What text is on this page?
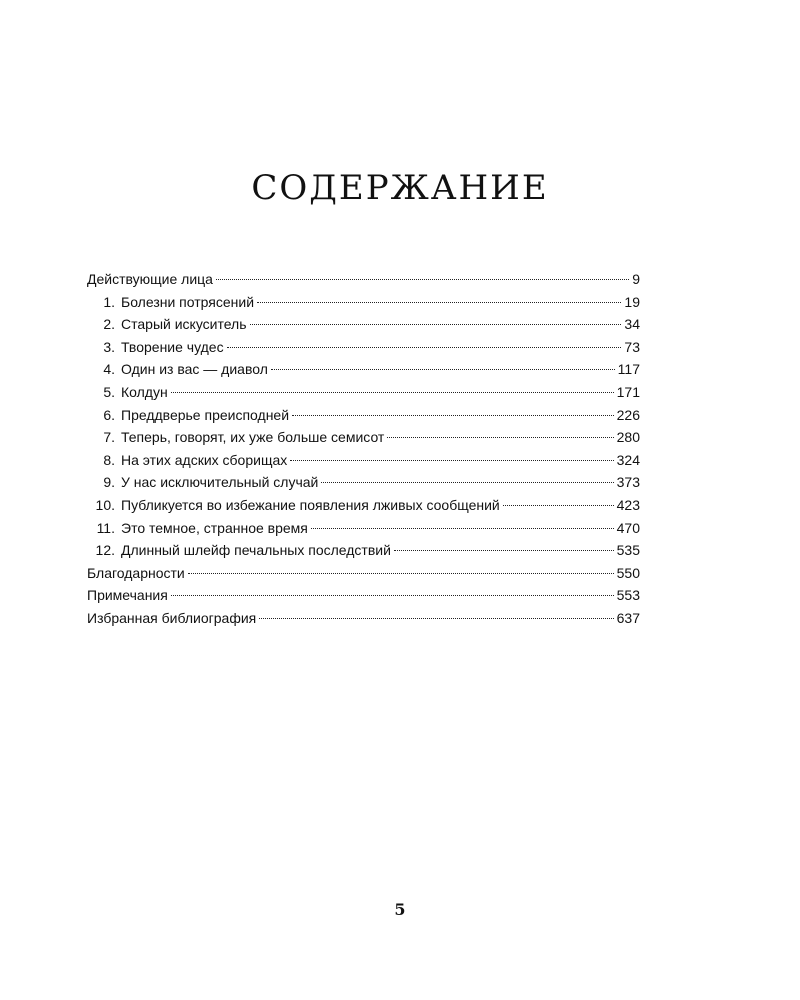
СОДЕРЖАНИЕ
Действующие лица	9
1. Болезни потрясений	19
2. Старый искуситель	34
3. Творение чудес	73
4. Один из вас — диавол	117
5. Колдун	171
6. Преддверье преисподней	226
7. Теперь, говорят, их уже больше семисот	280
8. На этих адских сборищах	324
9. У нас исключительный случай	373
10. Публикуется во избежание появления лживых сообщений	423
11. Это темное, странное время	470
12. Длинный шлейф печальных последствий	535
Благодарности	550
Примечания	553
Избранная библиография	637
5
